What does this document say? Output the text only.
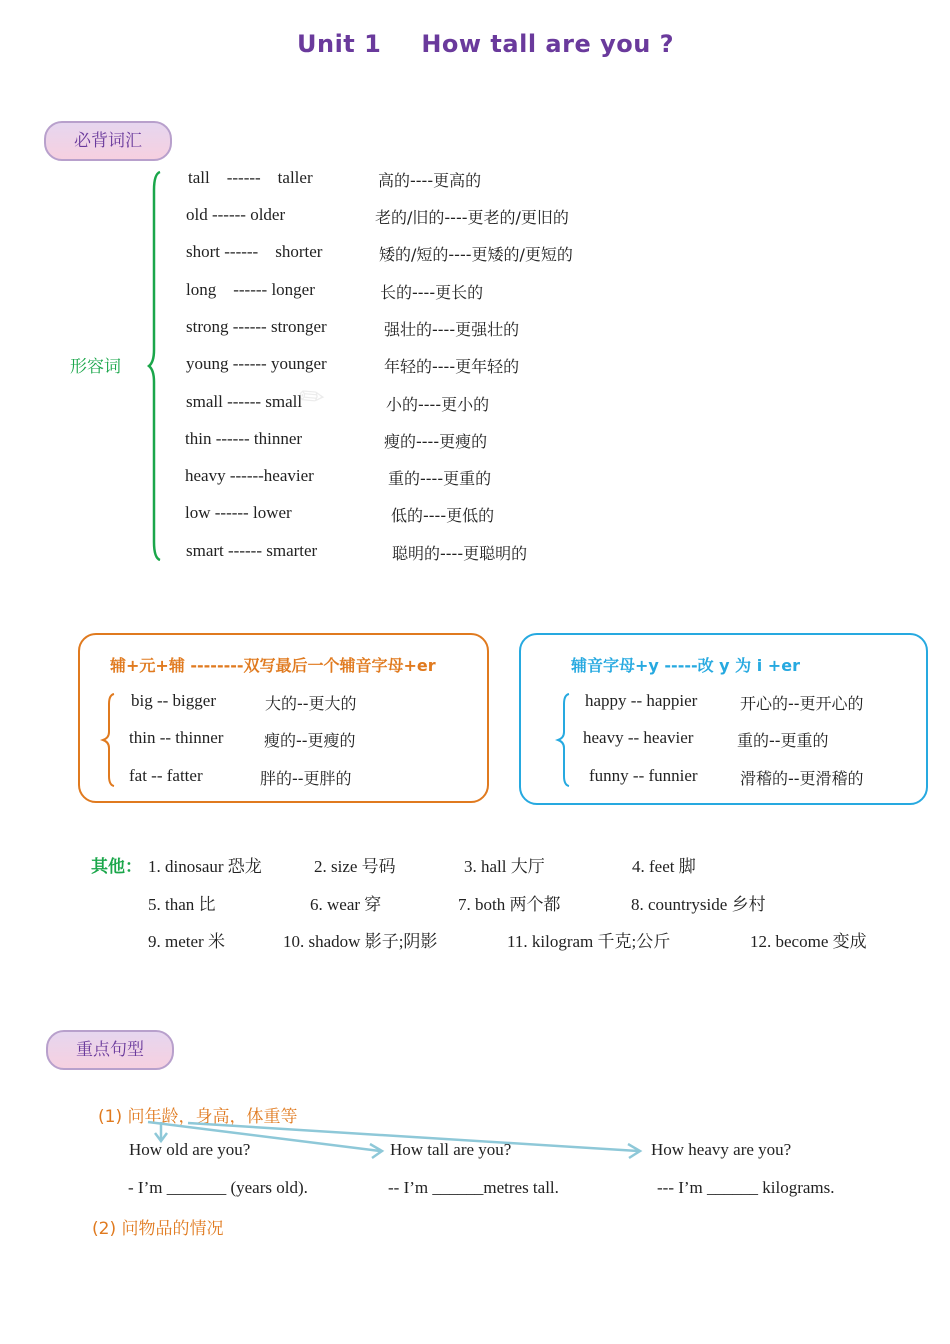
✎
Unit 1 How tall are you ?
必背词汇
形容词
tall    ------    taller	高的----更高的
old ------ older	老的/旧的----更老的/更旧的
short ------    shorter	矮的/短的----更矮的/更短的
long    ------ longer	长的----更长的
strong ------ stronger	强壮的----更强壮的
young ------ younger	年轻的----更年轻的
small ------ small	小的----更小的
thin ------ thinner	瘦的----更瘦的
heavy ------heavier	重的----更重的
low ------ lower	低的----更低的
smart ------ smarter	聪明的----更聪明的
辅+元+辅 --------双写最后一个辅音字母+er
big -- bigger	大的--更大的
thin -- thinner	瘦的--更瘦的
fat -- fatter	胖的--更胖的
辅音字母+y -----改 y 为 i +er
happy -- happier	开心的--更开心的
heavy -- heavier	重的--更重的
funny -- funnier	滑稽的--更滑稽的
其他： 1. dinosaur 恐龙	2. size 号码	3. hall 大厅	4. feet 脚
5. than 比	6. wear 穿	7. both 两个都	8. countryside 乡村
9. meter 米	10. shadow 影子;阴影	11. kilogram 千克;公斤	12. become 变成
重点句型
(1) 问年龄，身高，体重等
How old are you?	How tall are you?	How heavy are you?
- I’m _______ (years old).	-- I’m ______metres tall.	--- I’m ______ kilograms.
(2) 问物品的情况
